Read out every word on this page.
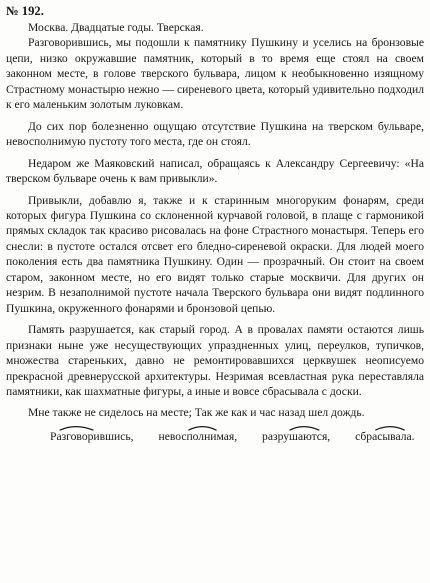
№ 192.

Москва. Двадцатые годы. Тверская.

Разговорившись, мы подошли к памятнику Пушкину и уселись на бронзовые цепи, низко окружавшие памятник, который в то время еще стоял на своем законном месте, в голове тверского бульвара, лицом к необыкновенно изящному Страстному монастырю нежно — сиреневого цвета, который удивительно подходил к его маленьким золотым луковкам.

До сих пор болезненно ощущаю отсутствие Пушкина на тверском бульваре, невосполнимую пустоту того места, где он стоял.

Недаром же Маяковский написал, обращаясь к Александру Сергеевичу: «На тверском бульваре очень к вам привыкли».

Привыкли, добавлю я, также и к старинным многоруким фонарям, среди которых фигура Пушкина со склоненной курчавой головой, в плаще с гармоникой прямых складок так красиво рисовалась на фоне Страстного монастыря. Теперь его снесли: в пустоте остался отсвет его бледно-сиреневой окраски. Для людей моего поколения есть два памятника Пушкину. Один — прозрачный. Он стоит на своем старом, законном месте, но его видят только старые москвичи. Для других он незрим. В незаполнимой пустоте начала Тверского бульвара они видят подлинного Пушкина, окруженного фонарями и бронзовой цепью.

Память разрушается, как старый город. А в провалах памяти остаются лишь признаки ныне уже несуществующих упраздненных улиц, переулков, тупичков, множества стареньких, давно не ремонтировавшихся церквушек неописуемо прекрасной древнерусской архитектуры. Незримая всевластная рука переставляла памятники, как шахматные фигуры, а иные и вовсе сбрасывала с доски.

Мне также не сиделось на месте; Так же как и час назад шел дождь.

Разговорившись, невосполнимая, разрушаются, сбрасывала.
